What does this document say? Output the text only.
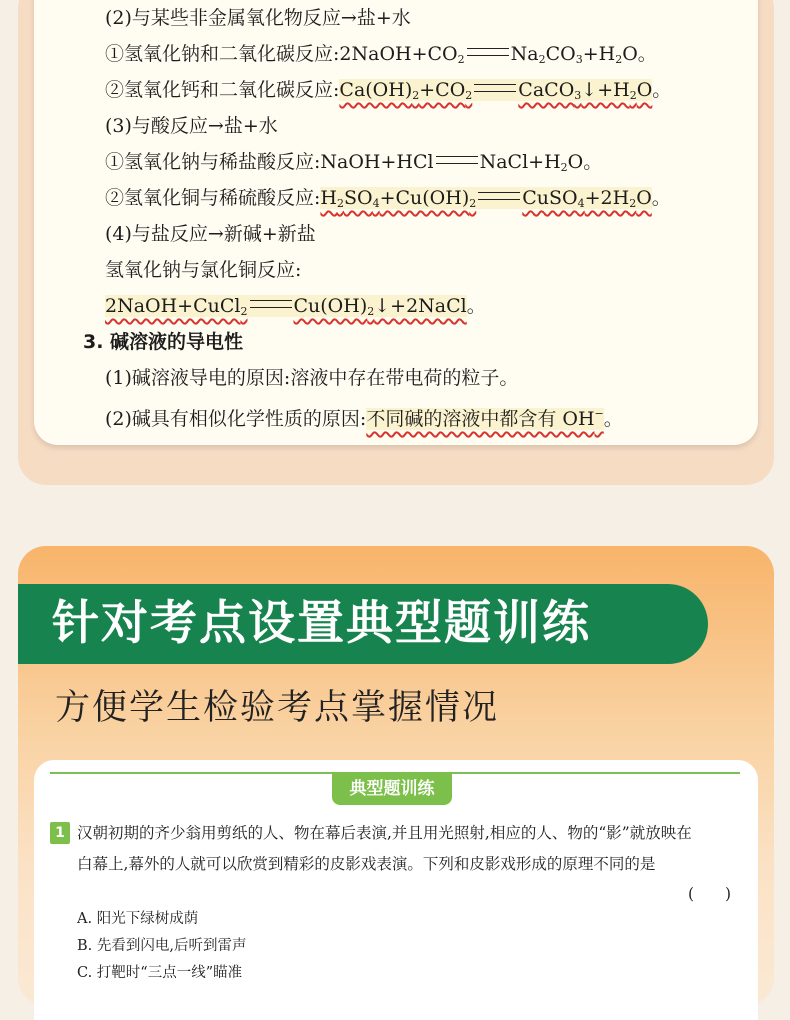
(2)与某些非金属氧化物反应→盐+水
①氢氧化钠和二氧化碳反应$:2NaOH+CO_2$ $Na_2CO_3+H_2O$。
②氢氧化钙和二氧化碳反应$:Ca(OH)_2+CO_2$ $CaCO_3↓+H_2O$。
(3)与酸反应→盐+水
①氢氧化钠与稀盐酸反应:NaOH+HCl $NaCl+H_2O$。
②氢氧化铜与稀硫酸反应$:H_2SO_4+Cu(OH)_2$ $CuSO_4+2H_2O$。
(4)与盐反应→新碱+新盐
氢氧化钠与氯化铜反应:
2NaOH+CuCl$_2$ $Cu(OH)_2↓+2NaCl$。
3. 碱溶液的导电性
(1)碱溶液导电的原因:溶液中存在带电荷的粒子。
(2)碱具有相似化学性质的原因:不同碱的溶液中都含有 OH−。
针对考点设置典型题训练
方便学生检验考点掌握情况
典型题训练
1 汉朝初期的齐少翁用剪纸的人、物在幕后表演,并且用光照射,相应的人、物的“影”就放映在
白幕上,幕外的人就可以欣赏到精彩的皮影戏表演。下列和皮影戏形成的原理不同的是
(　　)
A. 阳光下绿树成荫
B. 先看到闪电,后听到雷声
C. 打靶时“三点一线”瞄准
